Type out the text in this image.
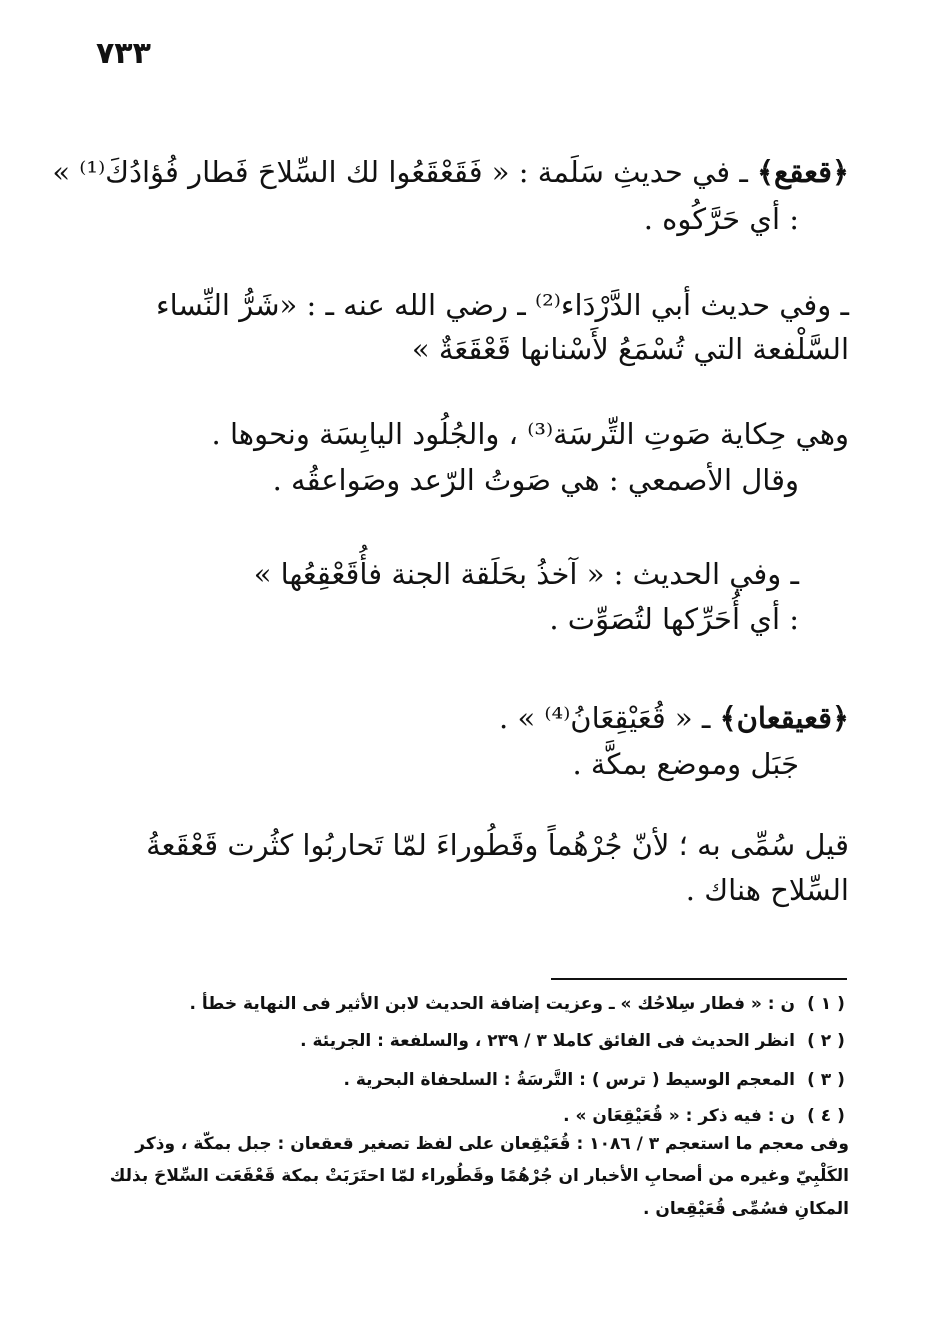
٧٣٣
﴿قعقع﴾ ـ في حديثِ سَلَمة : « فَقَعْقَعُوا لك السِّلاحَ فَطار فُؤادُكَ⁽¹⁾ »
: أي حَرَّكُوه .
ـ وفي حديث أبي الدَّرْدَاء⁽²⁾ ـ رضي الله عنه ـ : «شَرُّ النِّساء
السَّلْفعة التي تُسْمَعُ لأَسْنانها قَعْقَعَةٌ »
وهي حِكاية صَوتِ التِّرسَة⁽³⁾ ، والجُلُود اليابِسَة ونحوها .
وقال الأصمعي : هي صَوتُ الرّعد وصَواعقُه .
ـ وفي الحديث : « آخذُ بحَلَقة الجنة فأُقَعْقِعُها »
: أي أُحَرِّكها لتُصَوِّت .
﴿قعيقعان﴾ ـ « قُعَيْقِعَانُ⁽⁴⁾ » .
جَبَل وموضع بمكَّة .
قيل سُمِّى به ؛ لأنّ جُرْهُماً وقَطُوراءَ لمّا تَحاربُوا كثُرت قَعْقَعةُ
السِّلاح هناك .
( ١ )ن : « فطار سِلاحُك » ـ وعزيت إضافة الحديث لابن الأثير فى النهاية خطأ .
( ٢ )انظر الحديث فى الفائق كاملا ٣ / ٢٣٩ ، والسلفعة : الجريئة .
( ٣ )المعجم الوسيط ( ترس ) : التَّرسَةُ : السلحفاة البحرية .
( ٤ )ن : فيه ذكر : « قُعَيْقِعَان » .
وفى معجم ما استعجم ٣ / ١٠٨٦ : قُعَيْقِعان على لفظ تصغير قعقعان : جبل بمكّة ، وذكر
الكَلْبِيّ وغيره من أصحابِ الأخبار ان جُرْهُمًا وقَطُوراء لمّا احتَرَبَتْ بمكة قَعْقَعَت السِّلاحَ بذلك
المكانِ فسُمِّى قُعَيْقِعان .
